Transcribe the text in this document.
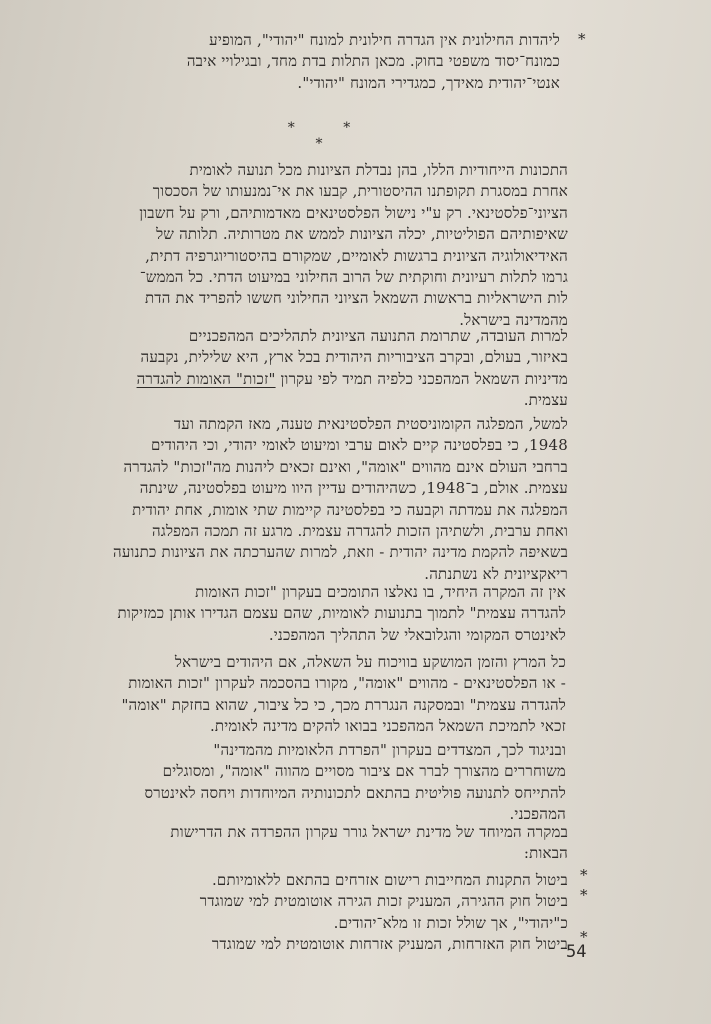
*

ליהדות החילונית אין הגדרה חילונית למונח "יהודי", המופיע

כמונח־יסוד משפטי בחוק. מכאן התלות בדת מחד, ובגילויי איבה

אנטי־יהודית מאידך, כמגדירי המונח "יהודי".

* * *

התכונות הייחודיות הללו, בהן נבדלת הציונות מכל תנועה לאומית

אחרת במסגרת תקופתנו ההיסטורית, קבעו את אי־נמנעותו של הסכסוך

הציוני־פלסטינאי. רק ע"י נישול הפלסטינאים מאדמותיהם, ורק על חשבון

שאיפותיהם הפוליטיות, יכלה הציונות לממש את מטרותיה. תלותה של

האידיאולוגיה הציונית ברגשות לאומיים, שמקורם בהיסטוריוגרפיה דתית,

גרמו לתלות רעיונית וחוקתית של הרוב החילוני במיעוט הדתי. כל הממש־

לות הישראליות בראשות השמאל הציוני החילוני חששו להפריד את הדת

מהמדינה בישראל.

למרות העובדה, שתרומת התנועה הציונית לתהליכים המהפכניים

באיזור, בעולם, ובקרב הציבוריות היהודית בכל ארץ, היא שלילית, נקבעה

מדיניות השמאל המהפכני כלפיה תמיד לפי עקרון "זכות" האומות להגדרה

עצמית.

למשל, המפלגה הקומוניסטית הפלסטינאית טענה, מאז הקמתה ועד

1948, כי בפלסטינה קיים לאום ערבי ומיעוט לאומי יהודי, וכי היהודים

ברחבי העולם אינם מהווים "אומה", ואינם זכאים ליהנות מה"זכות" להגדרה

עצמית. אולם, ב־1948, כשהיהודים עדיין היוו מיעוט בפלסטינה, שינתה

המפלגה את עמדתה וקבעה כי בפלסטינה קיימות שתי אומות, אחת יהודית

ואחת ערבית, ולשתיהן הזכות להגדרה עצמית. מרגע זה תמכה המפלגה

בשאיפה להקמת מדינה יהודית - וזאת, למרות שהערכתה את הציונות כתנועה

ריאקציונית לא נשתנתה.

אין זה המקרה היחיד, בו נאלצו התומכים בעקרון "זכות האומות

להגדרה עצמית" לתמוך בתנועות לאומיות, שהם עצמם הגדירו אותן כמזיקות

לאינטרס המקומי והגלובאלי של התהליך המהפכני.

כל המרץ והזמן המושקע בוויכוח על השאלה, אם היהודים בישראל

- או הפלסטינאים - מהווים "אומה", מקורו בהסכמה לעקרון "זכות האומות

להגדרה עצמית" ובמסקנה הנגררת מכך, כי כל ציבור, שהוא בחזקת "אומה"

זכאי לתמיכת השמאל המהפכני בבואו להקים מדינה לאומית.

ובניגוד לכך, המצדדים בעקרון "הפרדת הלאומיות מהמדינה"

משוחררים מהצורך לברר אם ציבור מסויים מהווה "אומה", ומסוגלים

להתייחס לתנועה פוליטית בהתאם לתכונותיה המיוחדות ויחסה לאינטרס

המהפכני.

במקרה המיוחד של מדינת ישראל גורר עקרון ההפרדה את הדרישות

הבאות:

*
*
*

ביטול התקנות המחייבות רישום אזרחים בהתאם ללאומיותם.

ביטול חוק ההגירה, המעניק זכות הגירה אוטומטית למי שמוגדר

כ"יהודי", אך שולל זכות זו מלא־יהודים.

ביטול חוק האזרחות, המעניק אזרחות אוטומטית למי שמוגדר

54
